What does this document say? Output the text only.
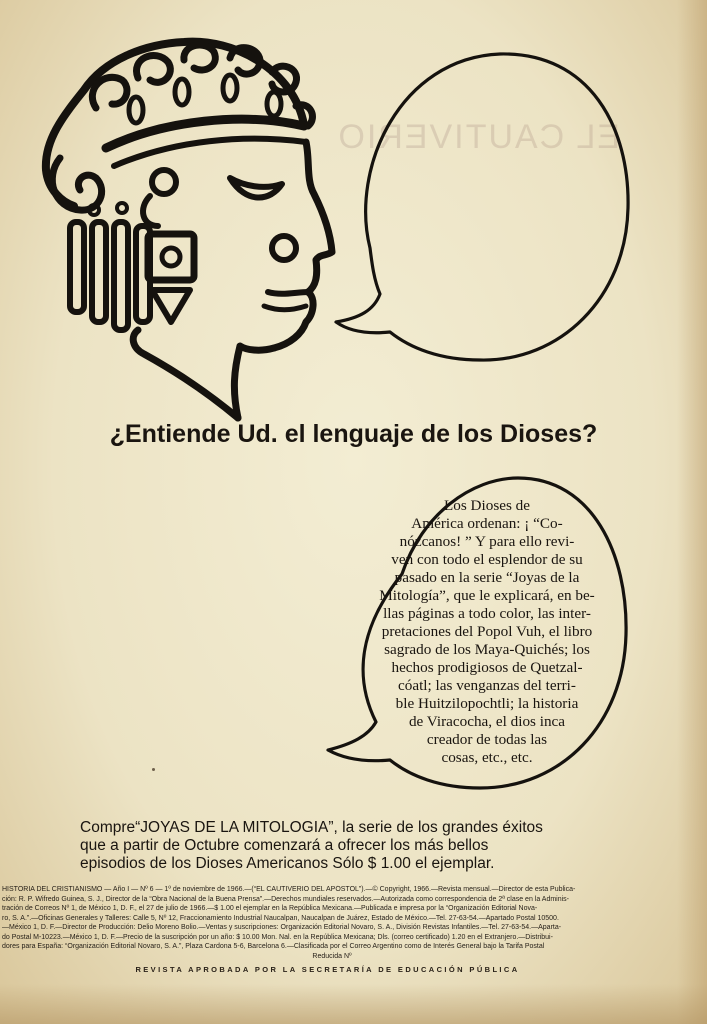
EL CAUTIVERIO
¿Entiende Ud. el lenguaje de los Dioses?
Los Dioses de
América ordenan: ¡ “Co-
nózcanos! ” Y para ello revi-
ven con todo el esplendor de su
pasado en la serie “Joyas de la
Mitología”, que le explicará, en be-
llas páginas a todo color, las inter-
pretaciones del Popol Vuh, el libro
sagrado de los Maya-Quichés; los
hechos prodigiosos de Quetzal-
cóatl; las venganzas del terri-
ble Huitzilopochtli; la historia
de Viracocha, el dios inca
creador de todas las
cosas, etc., etc.
Compre“JOYAS DE LA MITOLOGIA”, la serie de los grandes éxitos
que a partir de Octubre comenzará a ofrecer los más bellos
episodios de los Dioses Americanos Sólo $ 1.00 el ejemplar.
HISTORIA DEL CRISTIANISMO — Año I — Nº 6 — 1º de noviembre de 1966.—(“EL CAUTIVERIO DEL APÓSTOL”).—© Copyright, 1966.—Revista mensual.—Director de esta Publica-
ción: R. P. Wifredo Guinea, S. J., Director de la “Obra Nacional de la Buena Prensa”.—Derechos mundiales reservados.—Autorizada como correspondencia de 2ª clase en la Adminis-
tración de Correos Nº 1, de México 1, D. F., el 27 de julio de 1966.—$ 1.00 el ejemplar en la República Mexicana.—Publicada e impresa por la “Organización Editorial Nova-
ro, S. A.”.—Oficinas Generales y Talleres: Calle 5, Nº 12, Fraccionamiento Industrial Naucalpan, Naucalpan de Juárez, Estado de México.—Tel. 27-63-54.—Apartado Postal 10500.
—México 1, D. F.—Director de Producción: Delio Moreno Bolio.—Ventas y suscripciones: Organización Editorial Novaro, S. A., División Revistas Infantiles.—Tel. 27-63-54.—Aparta-
do Postal M-10223.—México 1, D. F.—Precio de la suscripción por un año: $ 10.00 Mon. Nal. en la República Mexicana; Dls. (correo certificado) 1.20 en el Extranjero.—Distribui-
dores para España: “Organización Editorial Novaro, S. A.”, Plaza Cardona 5-6, Barcelona 6.—Clasificada por el Correo Argentino como de Interés General bajo la Tarifa Postal
Reducida Nº
REVISTA APROBADA POR LA SECRETARÍA DE EDUCACIÓN PÚBLICA
